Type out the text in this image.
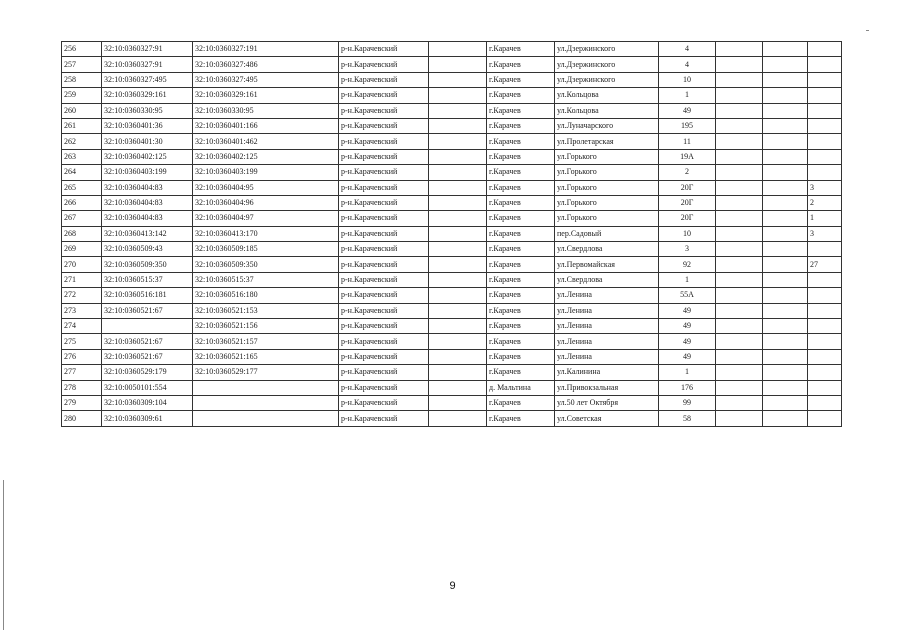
256	32:10:0360327:91	32:10:0360327:191	р-н.Карачевский		г.Карачев	ул.Дзержинского	4			
257	32:10:0360327:91	32:10:0360327:486	р-н.Карачевский		г.Карачев	ул.Дзержинского	4			
258	32:10:0360327:495	32:10:0360327:495	р-н.Карачевский		г.Карачев	ул.Дзержинского	10			
259	32:10:0360329:161	32:10:0360329:161	р-н.Карачевский		г.Карачев	ул.Кольцова	1			
260	32:10:0360330:95	32:10:0360330:95	р-н.Карачевский		г.Карачев	ул.Кольцова	49			
261	32:10:0360401:36	32:10:0360401:166	р-н.Карачевский		г.Карачев	ул.Луначарского	195			
262	32:10:0360401:30	32:10:0360401:462	р-н.Карачевский		г.Карачев	ул.Пролетарская	11			
263	32:10:0360402:125	32:10:0360402:125	р-н.Карачевский		г.Карачев	ул.Горького	19А			
264	32:10:0360403:199	32:10:0360403:199	р-н.Карачевский		г.Карачев	ул.Горького	2			
265	32:10:0360404:83	32:10:0360404:95	р-н.Карачевский		г.Карачев	ул.Горького	20Г			3
266	32:10:0360404:83	32:10:0360404:96	р-н.Карачевский		г.Карачев	ул.Горького	20Г			2
267	32:10:0360404:83	32:10:0360404:97	р-н.Карачевский		г.Карачев	ул.Горького	20Г			1
268	32:10:0360413:142	32:10:0360413:170	р-н.Карачевский		г.Карачев	пер.Садовый	10			3
269	32:10:0360509:43	32:10:0360509:185	р-н.Карачевский		г.Карачев	ул.Свердлова	3			
270	32:10:0360509:350	32:10:0360509:350	р-н.Карачевский		г.Карачев	ул.Первомайская	92			27
271	32:10:0360515:37	32:10:0360515:37	р-н.Карачевский		г.Карачев	ул.Свердлова	1			
272	32:10:0360516:181	32:10:0360516:180	р-н.Карачевский		г.Карачев	ул.Ленина	55А			
273	32:10:0360521:67	32:10:0360521:153	р-н.Карачевский		г.Карачев	ул.Ленина	49			
274		32:10:0360521:156	р-н.Карачевский		г.Карачев	ул.Ленина	49			
275	32:10:0360521:67	32:10:0360521:157	р-н.Карачевский		г.Карачев	ул.Ленина	49			
276	32:10:0360521:67	32:10:0360521:165	р-н.Карачевский		г.Карачев	ул.Ленина	49			
277	32:10:0360529:179	32:10:0360529:177	р-н.Карачевский		г.Карачев	ул.Калинина	1			
278	32:10:0050101:554		р-н.Карачевский		д. Мальтина	ул.Привокзальная	176			
279	32:10:0360309:104		р-н.Карачевский		г.Карачев	ул.50 лет Октября	99			
280	32:10:0360309:61		р-н.Карачевский		г.Карачев	ул.Советская	58			
9
